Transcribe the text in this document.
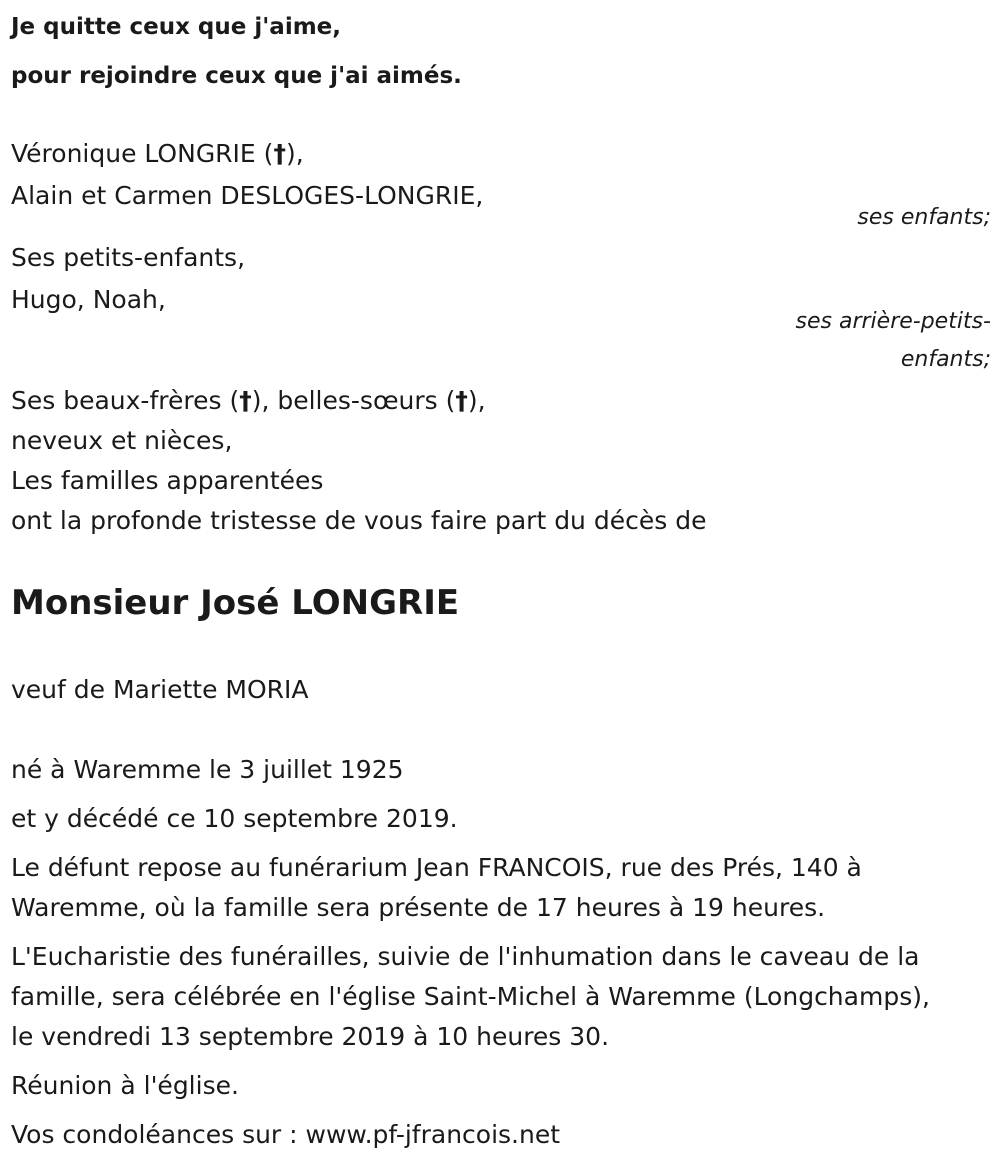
Je quitte ceux que j'aime,
pour rejoindre ceux que j'ai aimés.
Véronique LONGRIE (†),
Alain et Carmen DESLOGES-LONGRIE,
ses enfants;
Ses petits-enfants,
Hugo, Noah,
ses arrière-petits-
enfants;
Ses beaux-frères (†), belles-sœurs (†),
neveux et nièces,
Les familles apparentées
ont la profonde tristesse de vous faire part du décès de
Monsieur José LONGRIE
veuf de Mariette MORIA
né à Waremme le 3 juillet 1925
et y décédé ce 10 septembre 2019.
Le défunt repose au funérarium Jean FRANCOIS, rue des Prés, 140 à
Waremme, où la famille sera présente de 17 heures à 19 heures.
L'Eucharistie des funérailles, suivie de l'inhumation dans le caveau de la
famille, sera célébrée en l'église Saint-Michel à Waremme (Longchamps),
le vendredi 13 septembre 2019 à 10 heures 30.
Réunion à l'église.
Vos condoléances sur : www.pf-jfrancois.net
